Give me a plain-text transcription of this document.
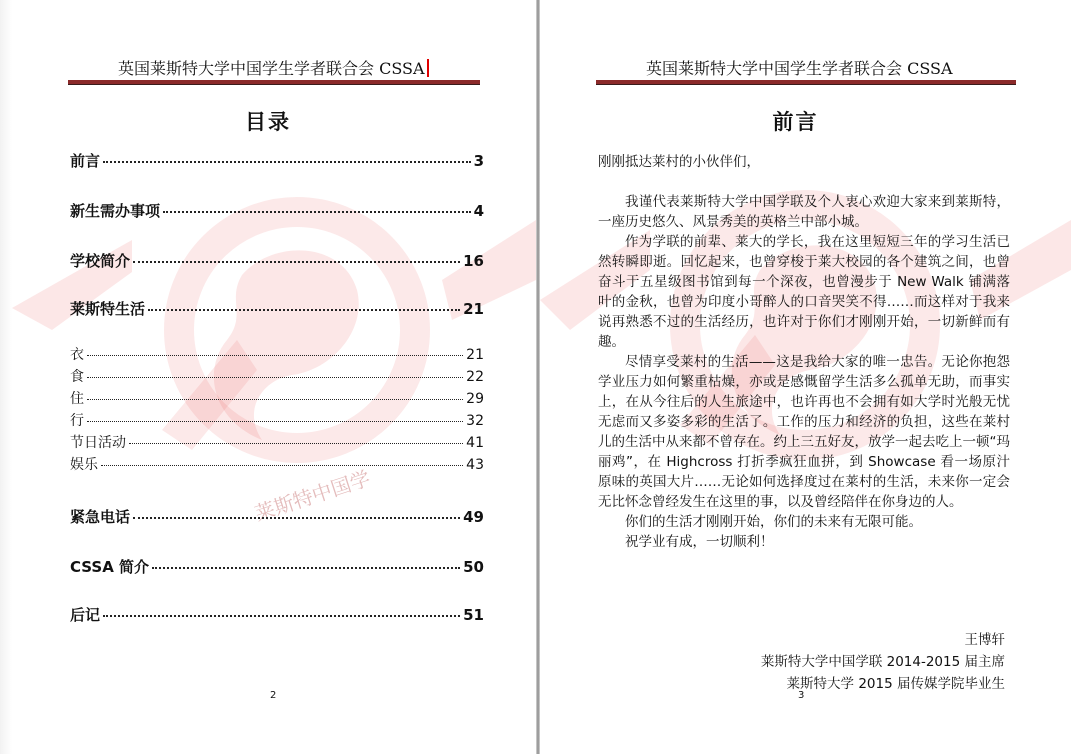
莱斯特中国学
英国莱斯特大学中国学生学者联合会 CSSA
目录
前言	3
新生需办事项	4
学校简介	16
莱斯特生活	21
衣	21
食	22
住	29
行	32
节日活动	41
娱乐	43
紧急电话	49
CSSA 简介	50
后记	51
2
英国莱斯特大学中国学生学者联合会 CSSA
前言

刚刚抵达莱村的小伙伴们，

我谨代表莱斯特大学中国学联及个人衷心欢迎大家来到莱斯特，一座历史悠久、风景秀美的英格兰中部小城。

作为学联的前辈、莱大的学长，我在这里短短三年的学习生活已然转瞬即逝。回忆起来，也曾穿梭于莱大校园的各个建筑之间，也曾奋斗于五星级图书馆到每一个深夜，也曾漫步于 New Walk 铺满落叶的金秋，也曾为印度小哥醉人的口音哭笑不得……而这样对于我来说再熟悉不过的生活经历，也许对于你们才刚刚开始，一切新鲜而有趣。

尽情享受莱村的生活——这是我给大家的唯一忠告。无论你抱怨学业压力如何繁重枯燥，亦或是感慨留学生活多么孤单无助，而事实上，在从今往后的人生旅途中，也许再也不会拥有如大学时光般无忧无虑而又多姿多彩的生活了。工作的压力和经济的负担，这些在莱村儿的生活中从来都不曾存在。约上三五好友，放学一起去吃上一顿“玛丽鸡”，在 Highcross 打折季疯狂血拼，到 Showcase 看一场原汁原味的英国大片……无论如何选择度过在莱村的生活，未来你一定会无比怀念曾经发生在这里的事，以及曾经陪伴在你身边的人。

你们的生活才刚刚开始，你们的未来有无限可能。

祝学业有成，一切顺利！

王博轩
莱斯特大学中国学联 2014-2015 届主席
莱斯特大学 2015 届传媒学院毕业生
3
